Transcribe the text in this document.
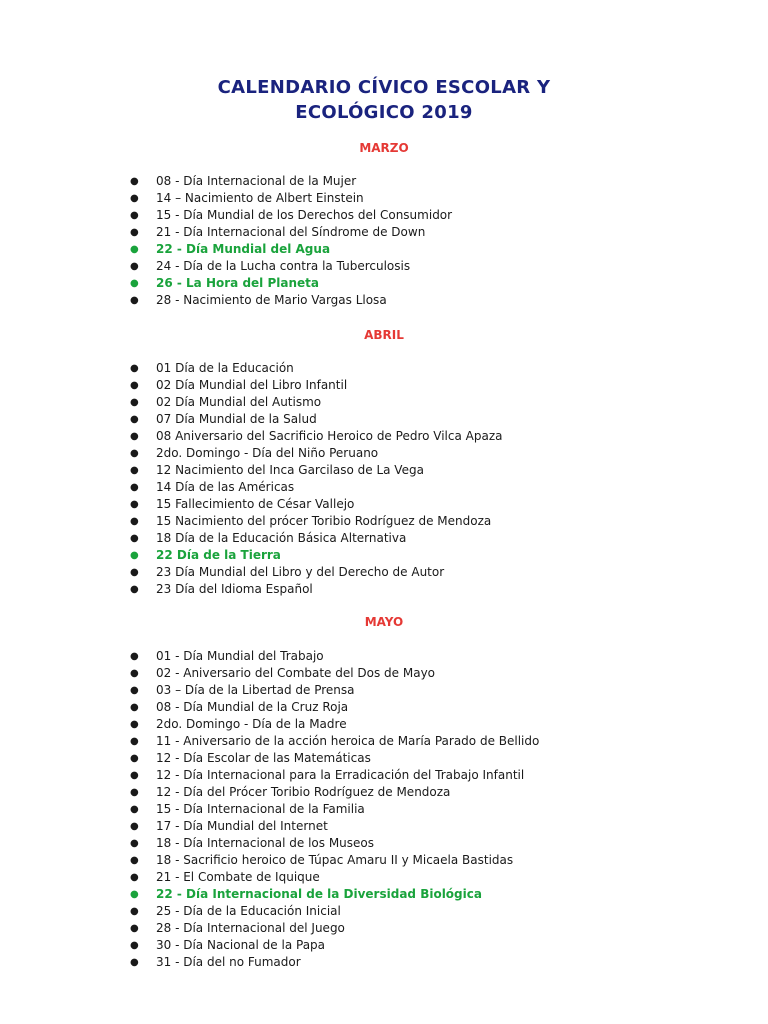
CALENDARIO CÍVICO ESCOLAR Y
ECOLÓGICO 2019
MARZO
● 08 - Día Internacional de la Mujer
● 14 – Nacimiento de Albert Einstein
● 15 - Día Mundial de los Derechos del Consumidor
● 21 - Día Internacional del Síndrome de Down
● 22 - Día Mundial del Agua
● 24 - Día de la Lucha contra la Tuberculosis
● 26 - La Hora del Planeta
● 28 - Nacimiento de Mario Vargas Llosa
ABRIL
● 01 Día de la Educación
● 02 Día Mundial del Libro Infantil
● 02 Día Mundial del Autismo
● 07 Día Mundial de la Salud
● 08 Aniversario del Sacrificio Heroico de Pedro Vilca Apaza
● 2do. Domingo - Día del Niño Peruano
● 12 Nacimiento del Inca Garcilaso de La Vega
● 14 Día de las Américas
● 15 Fallecimiento de César Vallejo
● 15 Nacimiento del prócer Toribio Rodríguez de Mendoza
● 18 Día de la Educación Básica Alternativa
● 22 Día de la Tierra
● 23 Día Mundial del Libro y del Derecho de Autor
● 23 Día del Idioma Español
MAYO
● 01 - Día Mundial del Trabajo
● 02 - Aniversario del Combate del Dos de Mayo
● 03 – Día de la Libertad de Prensa
● 08 - Día Mundial de la Cruz Roja
● 2do. Domingo - Día de la Madre
● 11 - Aniversario de la acción heroica de María Parado de Bellido
● 12 - Día Escolar de las Matemáticas
● 12 - Día Internacional para la Erradicación del Trabajo Infantil
● 12 - Día del Prócer Toribio Rodríguez de Mendoza
● 15 - Día Internacional de la Familia
● 17 - Día Mundial del Internet
● 18 - Día Internacional de los Museos
● 18 - Sacrificio heroico de Túpac Amaru II y Micaela Bastidas
● 21 - El Combate de Iquique
● 22 - Día Internacional de la Diversidad Biológica
● 25 - Día de la Educación Inicial
● 28 - Día Internacional del Juego
● 30 - Día Nacional de la Papa
● 31 - Día del no Fumador
